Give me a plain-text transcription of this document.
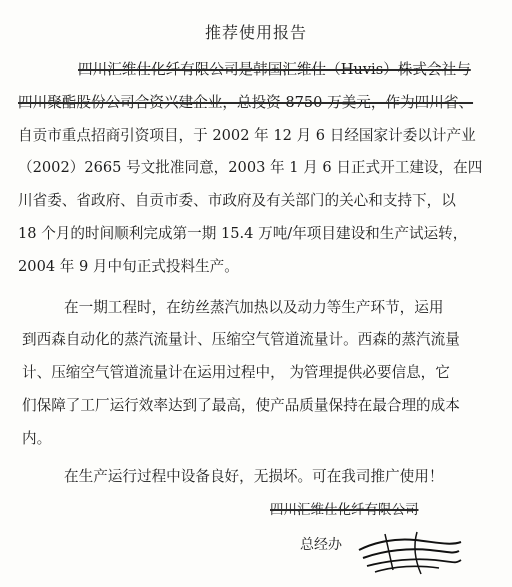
推荐使用报告
四川汇维仕化纤有限公司是韩国汇维仕（Huvis）株式会社与
四川聚酯股份公司合资兴建企业，总投资 8750 万美元，作为四川省、
自贡市重点招商引资项目，于 2002 年 12 月 6 日经国家计委以计产业
（2002）2665 号文批准同意，2003 年 1 月 6 日正式开工建设，在四
川省委、省政府、自贡市委、市政府及有关部门的关心和支持下，以
18 个月的时间顺利完成第一期 15.4 万吨/年项目建设和生产试运转，
2004 年 9 月中旬正式投料生产。
在一期工程时，在纺丝蒸汽加热以及动力等生产环节，运用
到西森自动化的蒸汽流量计、压缩空气管道流量计。西森的蒸汽流量
计、压缩空气管道流量计在运用过程中， 为管理提供必要信息，它
们保障了工厂运行效率达到了最高，使产品质量保持在最合理的成本
内。
在生产运行过程中设备良好，无损坏。可在我司推广使用！
四川汇维仕化纤有限公司
总经办
